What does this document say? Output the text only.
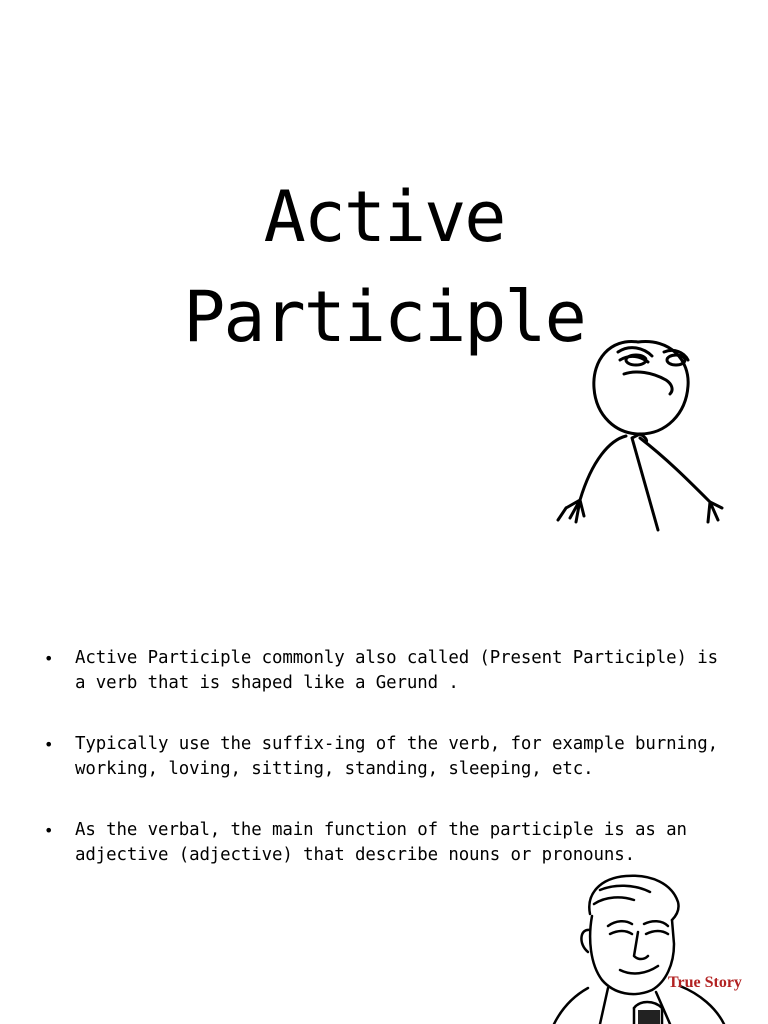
Active
Participle
• Active Participle commonly also called (Present Participle) is a verb that is shaped like a Gerund .
• Typically use the suffix-ing of the verb, for example burning, working, loving, sitting, standing, sleeping, etc.
• As the verbal, the main function of the participle is as an adjective (adjective) that describe nouns or pronouns.
True Story
